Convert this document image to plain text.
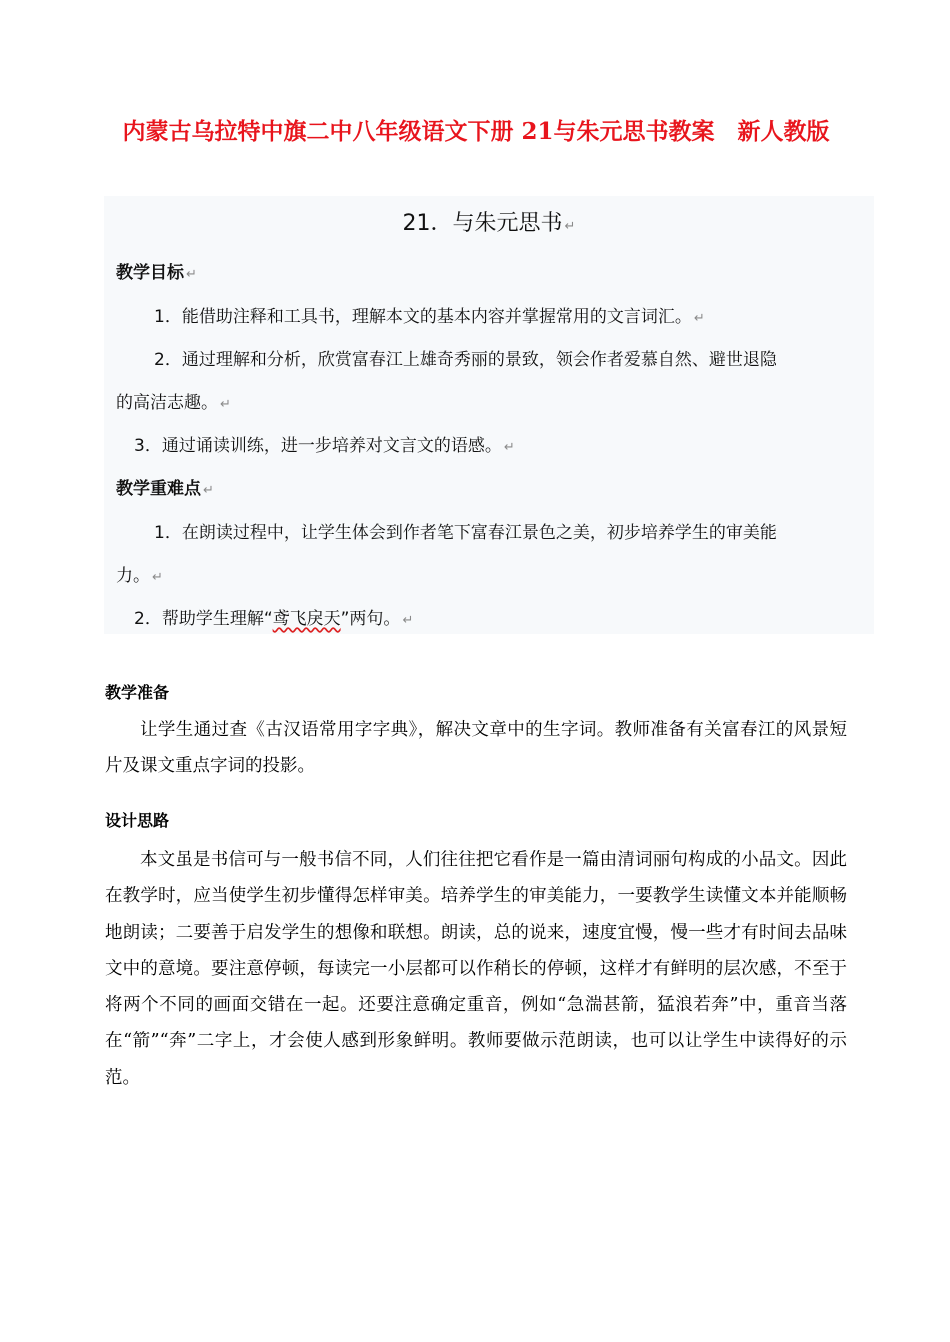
内蒙古乌拉特中旗二中八年级语文下册 21与朱元思书教案　新人教版
21．与朱元思书 ↵
教学目标 ↵
1．能借助注释和工具书，理解本文的基本内容并掌握常用的文言词汇。 ↵
2．通过理解和分析，欣赏富春江上雄奇秀丽的景致，领会作者爱慕自然、避世退隐
的高洁志趣。 ↵
3．通过诵读训练，进一步培养对文言文的语感。 ↵
教学重难点 ↵
1．在朗读过程中，让学生体会到作者笔下富春江景色之美，初步培养学生的审美能
力。 ↵
2．帮助学生理解“鸢飞戾天”两句。 ↵
教学准备

让学生通过查《古汉语常用字字典》，解决文章中的生字词。教师准备有关富春江的风景短片及课文重点字词的投影。

设计思路

本文虽是书信可与一般书信不同，人们往往把它看作是一篇由清词丽句构成的小品文。因此在教学时，应当使学生初步懂得怎样审美。培养学生的审美能力，一要教学生读懂文本并能顺畅地朗读；二要善于启发学生的想像和联想。朗读，总的说来，速度宜慢，慢一些才有时间去品味文中的意境。要注意停顿，每读完一小层都可以作稍长的停顿，这样才有鲜明的层次感，不至于将两个不同的画面交错在一起。还要注意确定重音，例如“急湍甚箭，猛浪若奔”中，重音当落在“箭”“奔”二字上，才会使人感到形象鲜明。教师要做示范朗读，也可以让学生中读得好的示范。
